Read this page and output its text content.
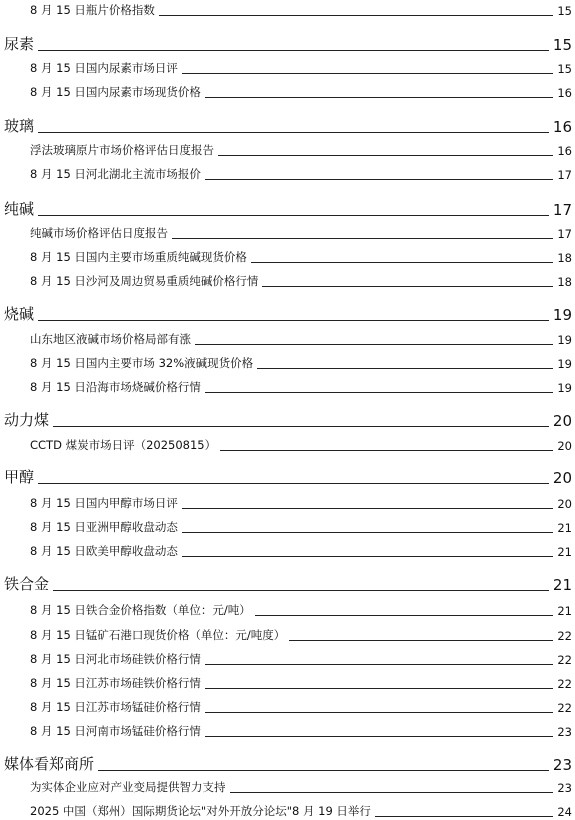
8 月 15 日瓶片价格指数	15
尿素	15
8 月 15 日国内尿素市场日评	15
8 月 15 日国内尿素市场现货价格	16
玻璃	16
浮法玻璃原片市场价格评估日度报告	16
8 月 15 日河北湖北主流市场报价	17
纯碱	17
纯碱市场价格评估日度报告	17
8 月 15 日国内主要市场重质纯碱现货价格	18
8 月 15 日沙河及周边贸易重质纯碱价格行情	18
烧碱	19
山东地区液碱市场价格局部有涨	19
8 月 15 日国内主要市场 32%液碱现货价格	19
8 月 15 日沿海市场烧碱价格行情	19
动力煤	20
CCTD 煤炭市场日评（20250815）	20
甲醇	20
8 月 15 日国内甲醇市场日评	20
8 月 15 日亚洲甲醇收盘动态	21
8 月 15 日欧美甲醇收盘动态	21
铁合金	21
8 月 15 日铁合金价格指数（单位：元/吨）	21
8 月 15 日锰矿石港口现货价格（单位：元/吨度）	22
8 月 15 日河北市场硅铁价格行情	22
8 月 15 日江苏市场硅铁价格行情	22
8 月 15 日江苏市场锰硅价格行情	22
8 月 15 日河南市场锰硅价格行情	23
媒体看郑商所	23
为实体企业应对产业变局提供智力支持	23
2025 中国（郑州）国际期货论坛"对外开放分论坛"8 月 19 日举行	24
